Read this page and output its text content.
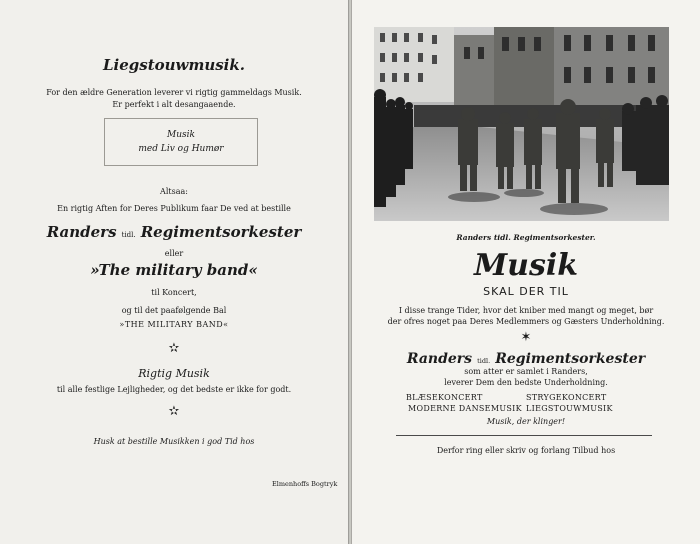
Liegstouwmusik.
For den ældre Generation leverer vi rigtig gammeldags Musik.
Er perfekt i alt desangaaende.
Musik
med Liv og Humør
Altsaa:
En rigtig Aften for Deres Publikum faar De ved at bestille
Randers tidl. Regimentsorkester
eller
»The military band«
til Koncert,
og til det paafølgende Bal
»THE MILITARY BAND«
✫
Rigtig Musik
til alle festlige Lejligheder, og det bedste er ikke for godt.
✫
Husk at bestille Musikken i god Tid hos
Elmenhoffs Bogtryk
Randers tidl. Regimentsorkester.
Musik
SKAL DER TIL
I disse trange Tider, hvor det kniber med mangt og meget, bør
der ofres noget paa Deres Medlemmers og Gæsters Underholdning.
✶
Randers tidl. Regimentsorkester
som atter er samlet i Randers,
leverer Dem den bedste Underholdning.
BLÆSEKONCERT	STRYGEKONCERT
MODERNE DANSEMUSIK LIEGSTOUWMUSIK
Musik, der klinger!
Derfor ring eller skriv og forlang Tilbud hos
